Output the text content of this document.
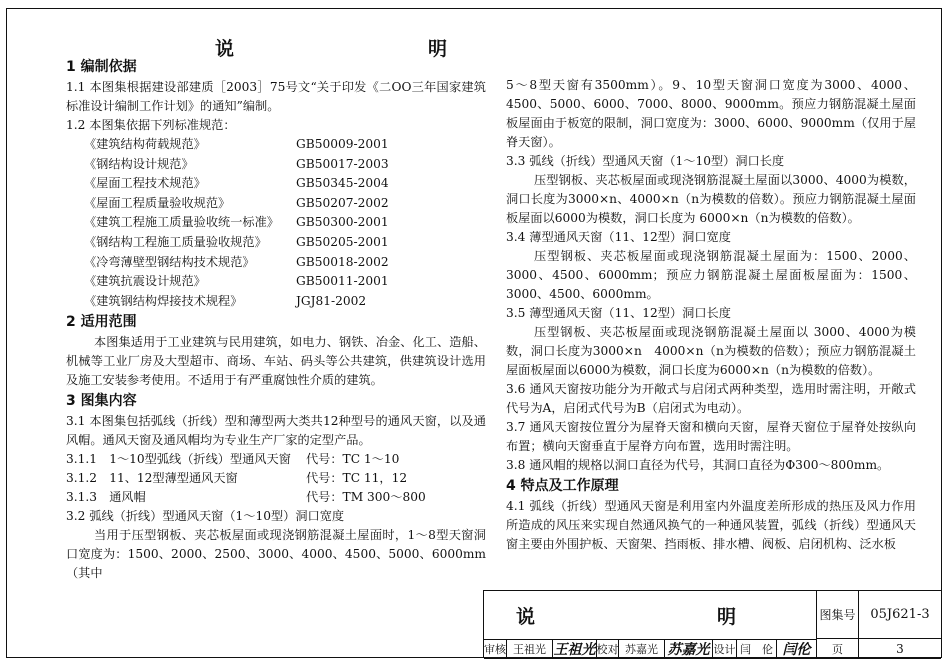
说　　明

1 编制依据

1.1 本图集根据建设部建质［2003］75号文“关于印发《二OO三年国家建筑标准设计编制工作计划》的通知”编制。

1.2 本图集依据下列标准规范：

《建筑结构荷载规范》	GB50009-2001
《钢结构设计规范》	GB50017-2003
《屋面工程技术规范》	GB50345-2004
《屋面工程质量验收规范》	GB50207-2002
《建筑工程施工质量验收统一标准》	GB50300-2001
《钢结构工程施工质量验收规范》	GB50205-2001
《冷弯薄壁型钢结构技术规范》	GB50018-2002
《建筑抗震设计规范》	GB50011-2001
《建筑钢结构焊接技术规程》	JGJ81-2002

2 适用范围

本图集适用于工业建筑与民用建筑，如电力、钢铁、冶金、化工、造船、机械等工业厂房及大型超市、商场、车站、码头等公共建筑，供建筑设计选用及施工安装参考使用。不适用于有严重腐蚀性介质的建筑。

3 图集内容

3.1 本图集包括弧线（折线）型和薄型两大类共12种型号的通风天窗，以及通风帽。通风天窗及通风帽均为专业生产厂家的定型产品。

3.1.1　1～10型弧线（折线）型通风天窗	代号：TC 1～10
3.1.2　11、12型薄型通风天窗	代号：TC 11，12
3.1.3　通风帽	代号：TM 300～800

3.2 弧线（折线）型通风天窗（1～10型）洞口宽度

当用于压型钢板、夹芯板屋面或现浇钢筋混凝土屋面时，1～8型天窗洞口宽度为：1500、2000、2500、3000、4000、4500、5000、6000mm（其中

5～8型天窗有3500mm）。9、10型天窗洞口宽度为3000、4000、4500、5000、6000、7000、8000、9000mm。预应力钢筋混凝土屋面板屋面由于板宽的限制，洞口宽度为：3000、6000、9000mm（仅用于屋脊天窗）。

3.3 弧线（折线）型通风天窗（1～10型）洞口长度

压型钢板、夹芯板屋面或现浇钢筋混凝土屋面以3000、4000为模数，洞口长度为3000×n、4000×n（n为模数的倍数）。预应力钢筋混凝土屋面板屋面以6000为模数，洞口长度为 6000×n（n为模数的倍数）。

3.4 薄型通风天窗（11、12型）洞口宽度

压型钢板、夹芯板屋面或现浇钢筋混凝土屋面为：1500、2000、3000、4500、6000mm；预应力钢筋混凝土屋面板屋面为：1500、3000、4500、6000mm。

3.5 薄型通风天窗（11、12型）洞口长度

压型钢板、夹芯板屋面或现浇钢筋混凝土屋面以 3000、4000为模数，洞口长度为3000×n　4000×n（n为模数的倍数）；预应力钢筋混凝土屋面板屋面以6000为模数，洞口长度为6000×n（n为模数的倍数）。

3.6 通风天窗按功能分为开敞式与启闭式两种类型，选用时需注明，开敞式代号为A，启闭式代号为B（启闭式为电动）。

3.7 通风天窗按位置分为屋脊天窗和横向天窗，屋脊天窗位于屋脊处按纵向布置；横向天窗垂直于屋脊方向布置，选用时需注明。

3.8 通风帽的规格以洞口直径为代号，其洞口直径为Φ300～800mm。

4 特点及工作原理

4.1 弧线（折线）型通风天窗是利用室内外温度差所形成的热压及风力作用所造成的风压来实现自然通风换气的一种通风装置，弧线（折线）型通风天窗主要由外围护板、天窗架、挡雨板、排水槽、阀板、启闭机构、泛水板

说　　明	图集号	05J621-3
审核 王祖光 王祖光 校对 苏嘉光 苏嘉光 设计 闫　伦 闫伦	页	3
